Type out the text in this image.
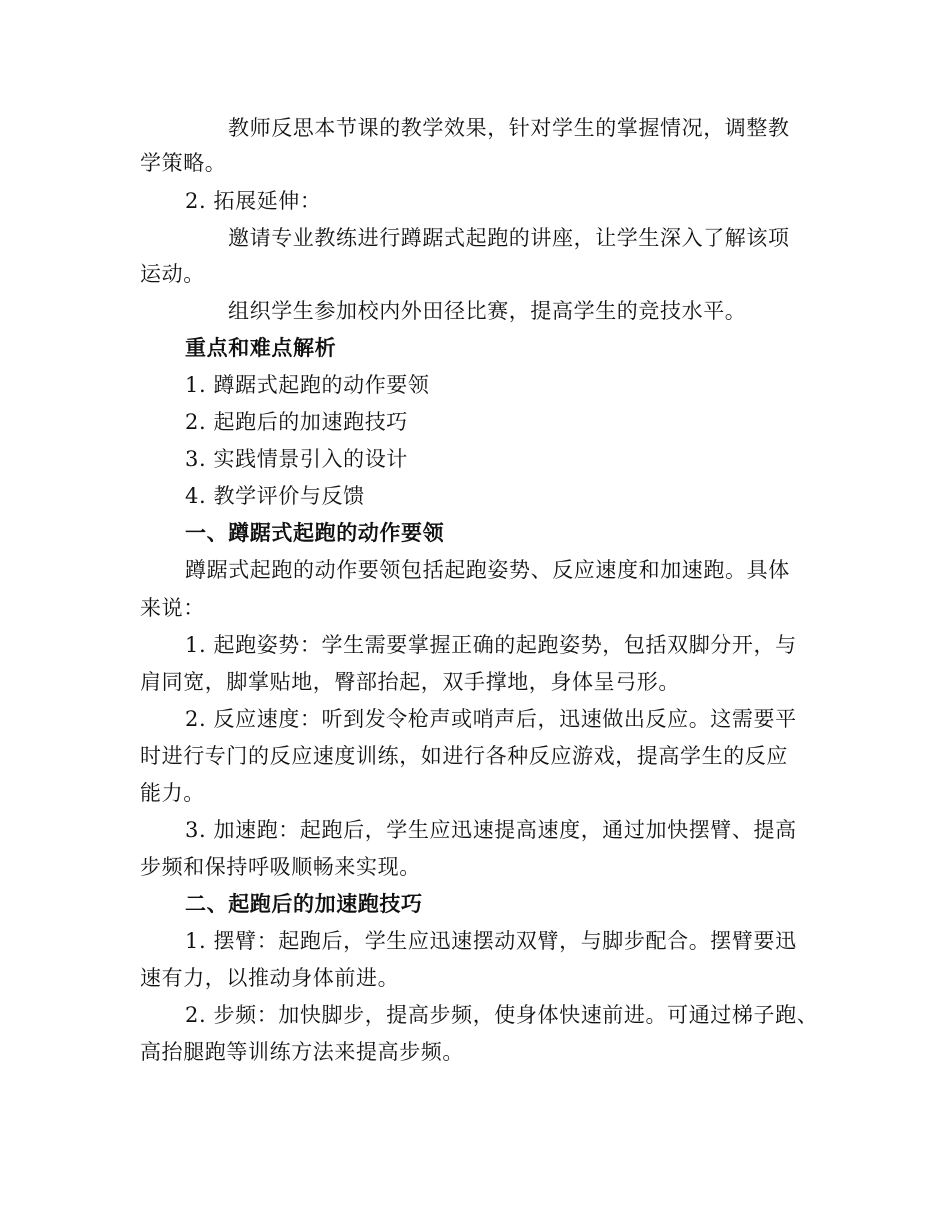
教师反思本节课的教学效果，针对学生的掌握情况，调整教
学策略。
2. 拓展延伸：
邀请专业教练进行蹲踞式起跑的讲座，让学生深入了解该项
运动。
组织学生参加校内外田径比赛，提高学生的竞技水平。
重点和难点解析
1. 蹲踞式起跑的动作要领
2. 起跑后的加速跑技巧
3. 实践情景引入的设计
4. 教学评价与反馈
一、蹲踞式起跑的动作要领
蹲踞式起跑的动作要领包括起跑姿势、反应速度和加速跑。具体
来说：
1. 起跑姿势：学生需要掌握正确的起跑姿势，包括双脚分开，与
肩同宽，脚掌贴地，臀部抬起，双手撑地，身体呈弓形。
2. 反应速度：听到发令枪声或哨声后，迅速做出反应。这需要平
时进行专门的反应速度训练，如进行各种反应游戏，提高学生的反应
能力。
3. 加速跑：起跑后，学生应迅速提高速度，通过加快摆臂、提高
步频和保持呼吸顺畅来实现。
二、起跑后的加速跑技巧
1. 摆臂：起跑后，学生应迅速摆动双臂，与脚步配合。摆臂要迅
速有力，以推动身体前进。
2. 步频：加快脚步，提高步频，使身体快速前进。可通过梯子跑、
高抬腿跑等训练方法来提高步频。
